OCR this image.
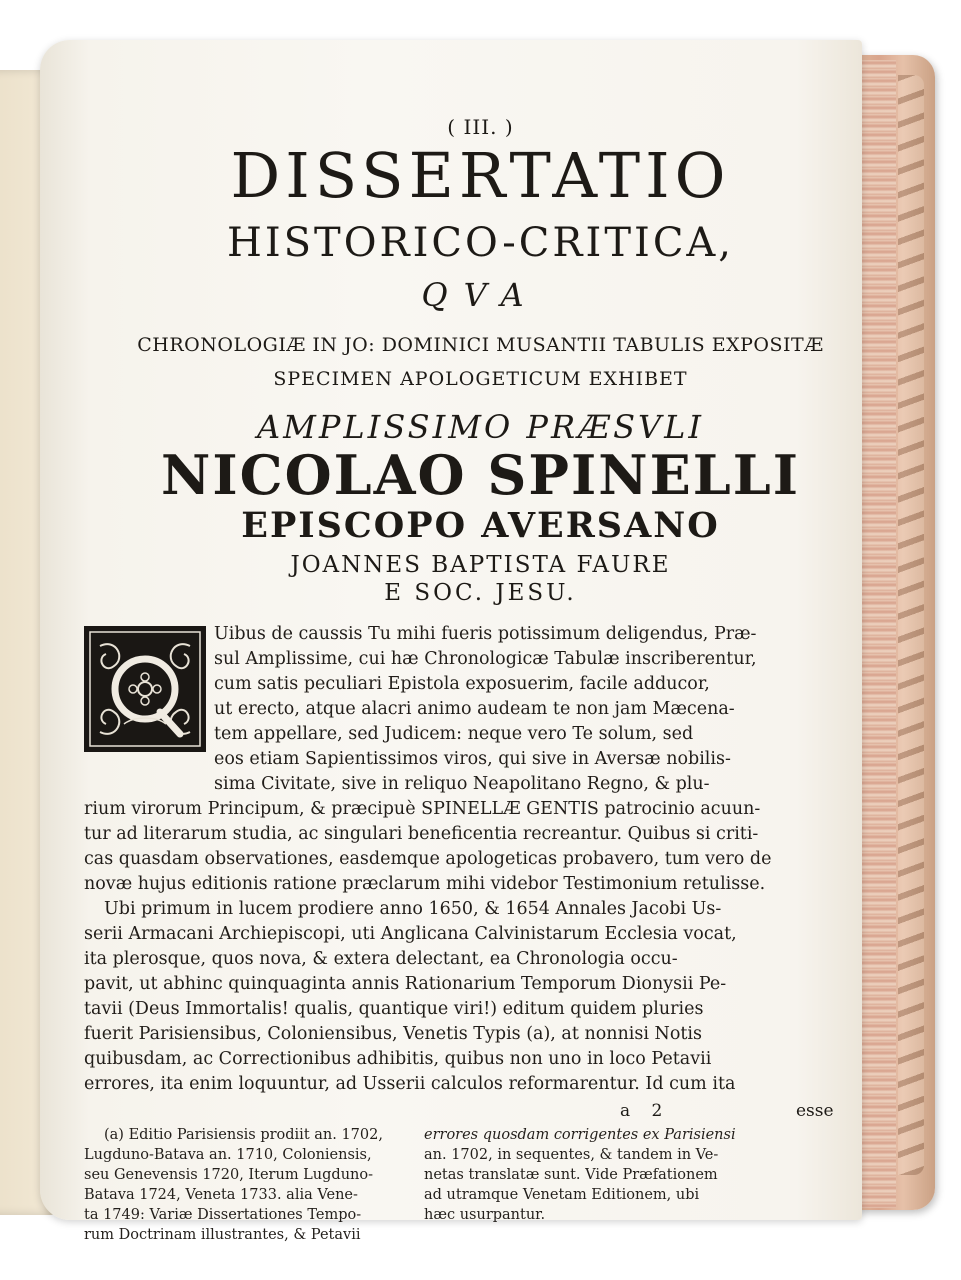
( III. )
DISSERTATIO
HISTORICO-CRITICA,
QVA
CHRONOLOGIÆ IN JO: DOMINICI MUSANTII TABULIS EXPOSITÆ
SPECIMEN APOLOGETICUM EXHIBET
AMPLISSIMO PRÆSVLI
NICOLAO SPINELLI
EPISCOPO AVERSANO
JOANNES BAPTISTA FAURE
E SOC. JESU.
Uibus de caussis Tu mihi fueris potissimum deligendus, Præ-
sul Amplissime, cui hæ Chronologicæ Tabulæ inscriberentur,
cum satis peculiari Epistola exposuerim, facile adducor,
ut erecto, atque alacri animo audeam te non jam Mæcena-
tem appellare, sed Judicem: neque vero Te solum, sed
eos etiam Sapientissimos viros, qui sive in Aversæ nobilis-
sima Civitate, sive in reliquo Neapolitano Regno, & plu-
rium virorum Principum, & præcipuè SPINELLÆ GENTIS patrocinio acuun-
tur ad literarum studia, ac singulari beneficentia recreantur. Quibus si criti-
cas quasdam observationes, easdemque apologeticas probavero, tum vero de
novæ hujus editionis ratione præclarum mihi videbor Testimonium retulisse.
Ubi primum in lucem prodiere anno 1650, & 1654 Annales Jacobi Us-
serii Armacani Archiepiscopi, uti Anglicana Calvinistarum Ecclesia vocat,
ita plerosque, quos nova, & extera delectant, ea Chronologia occu-
pavit, ut abhinc quinquaginta annis Rationarium Temporum Dionysii Pe-
tavii (Deus Immortalis! qualis, quantique viri!) editum quidem pluries
fuerit Parisiensibus, Coloniensibus, Venetis Typis (a), at nonnisi Notis
quibusdam, ac Correctionibus adhibitis, quibus non uno in loco Petavii
errores, ita enim loquuntur, ad Usserii calculos reformarentur. Id cum ita
a 2	esse
(a) Editio Parisiensis prodiit an. 1702,
Lugduno-Batava an. 1710, Coloniensis,
seu Genevensis 1720, Iterum Lugduno-
Batava 1724, Veneta 1733. alia Vene-
ta 1749: Variæ Dissertationes Tempo-
rum Doctrinam illustrantes, & Petavii
errores quosdam corrigentes ex Parisiensi
an. 1702, in sequentes, & tandem in Ve-
netas translatæ sunt. Vide Præfationem
ad utramque Venetam Editionem, ubi
hæc usurpantur.
